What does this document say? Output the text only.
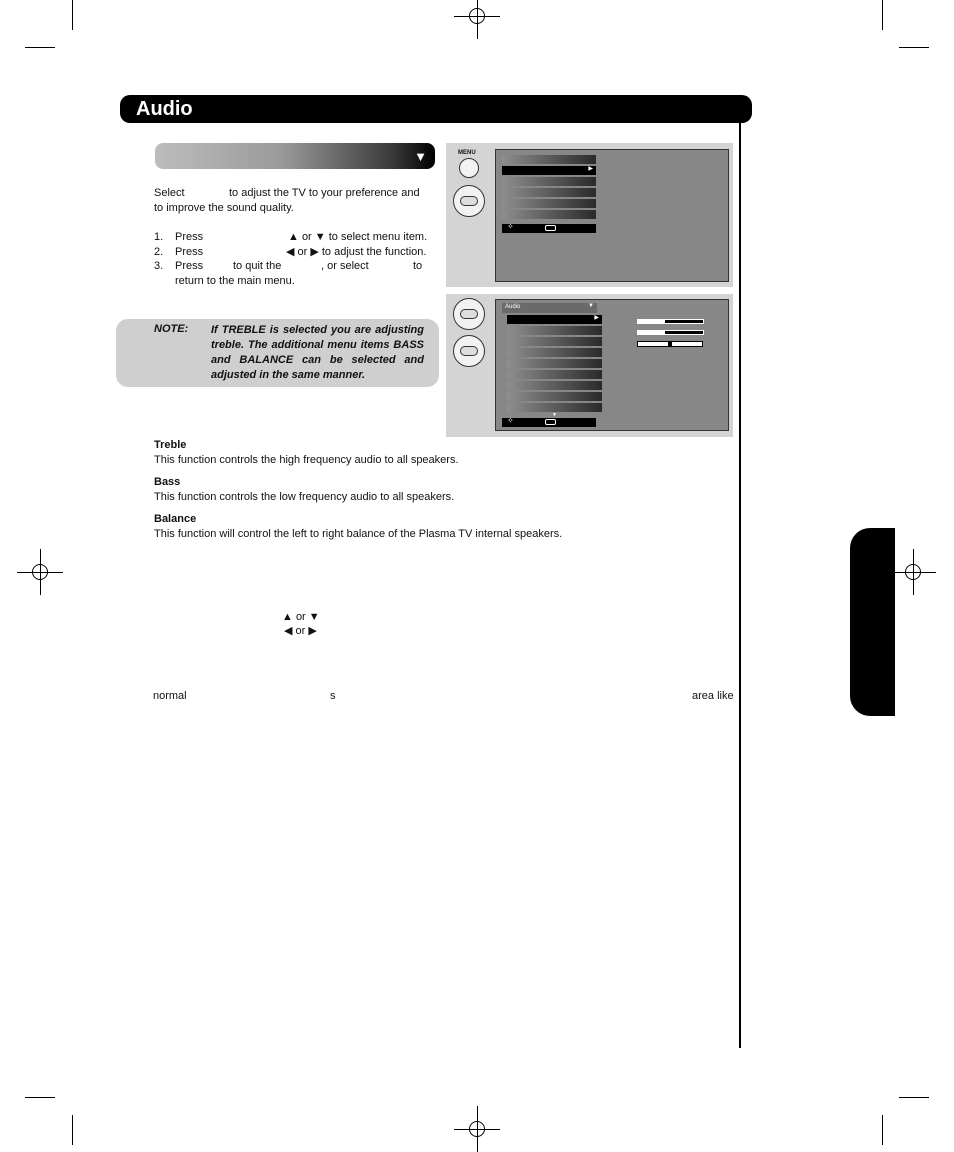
Audio
▼
Select	to adjust the TV to your preference and
to improve the sound quality.
1. Press	▲ or ▼ to select menu item.
2. Press	◀ or ▶ to adjust the function.
3. Press	to quit the	, or select	to
return to the main menu.
NOTE: If TREBLE is selected you are adjusting treble. The additional menu items BASS and BALANCE can be selected and adjusted in the same manner.
MENU
▶
✧
Audio	▼
▶
▼
✧
Treble
This function controls the high frequency audio to all speakers.
Bass
This function controls the low frequency audio to all speakers.
Balance
This function will control the left to right balance of the Plasma TV internal speakers.
▲ or ▼
◀ or ▶
normal	s	area like
